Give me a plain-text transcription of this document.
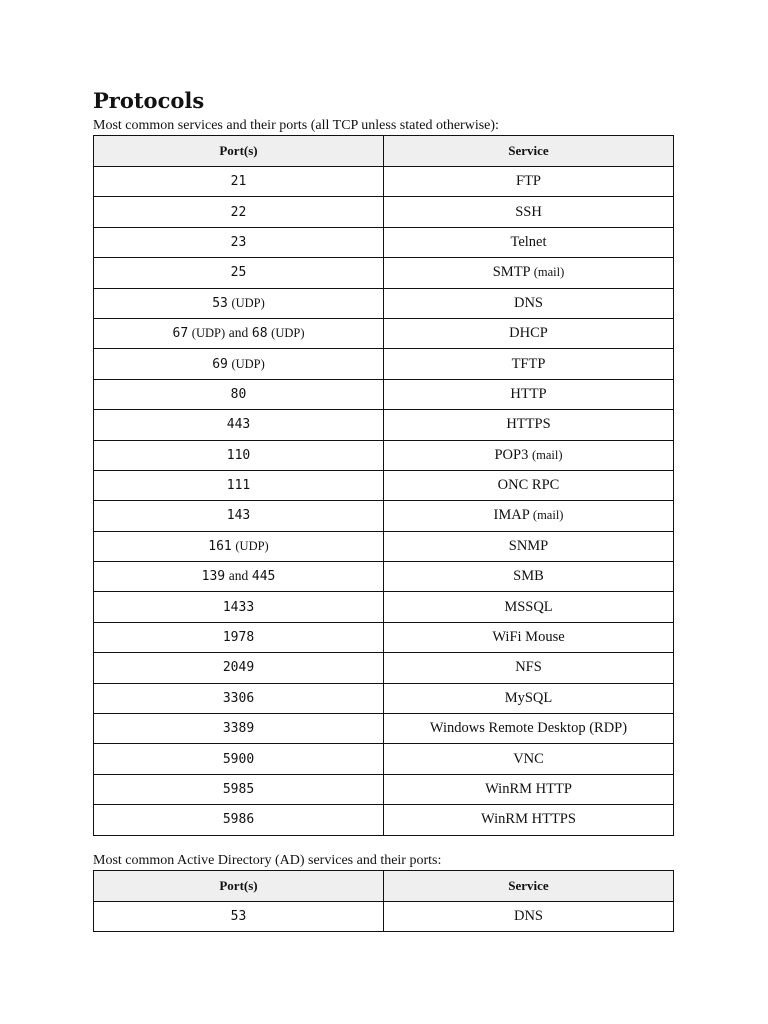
Protocols

Most common services and their ports (all TCP unless stated otherwise):

Port(s)	Service
21	FTP
22	SSH
23	Telnet
25	SMTP (mail)
53 (UDP)	DNS
67 (UDP) and 68 (UDP)	DHCP
69 (UDP)	TFTP
80	HTTP
443	HTTPS
110	POP3 (mail)
111	ONC RPC
143	IMAP (mail)
161 (UDP)	SNMP
139 and 445	SMB
1433	MSSQL
1978	WiFi Mouse
2049	NFS
3306	MySQL
3389	Windows Remote Desktop (RDP)
5900	VNC
5985	WinRM HTTP
5986	WinRM HTTPS

Most common Active Directory (AD) services and their ports:

Port(s)	Service
53	DNS
